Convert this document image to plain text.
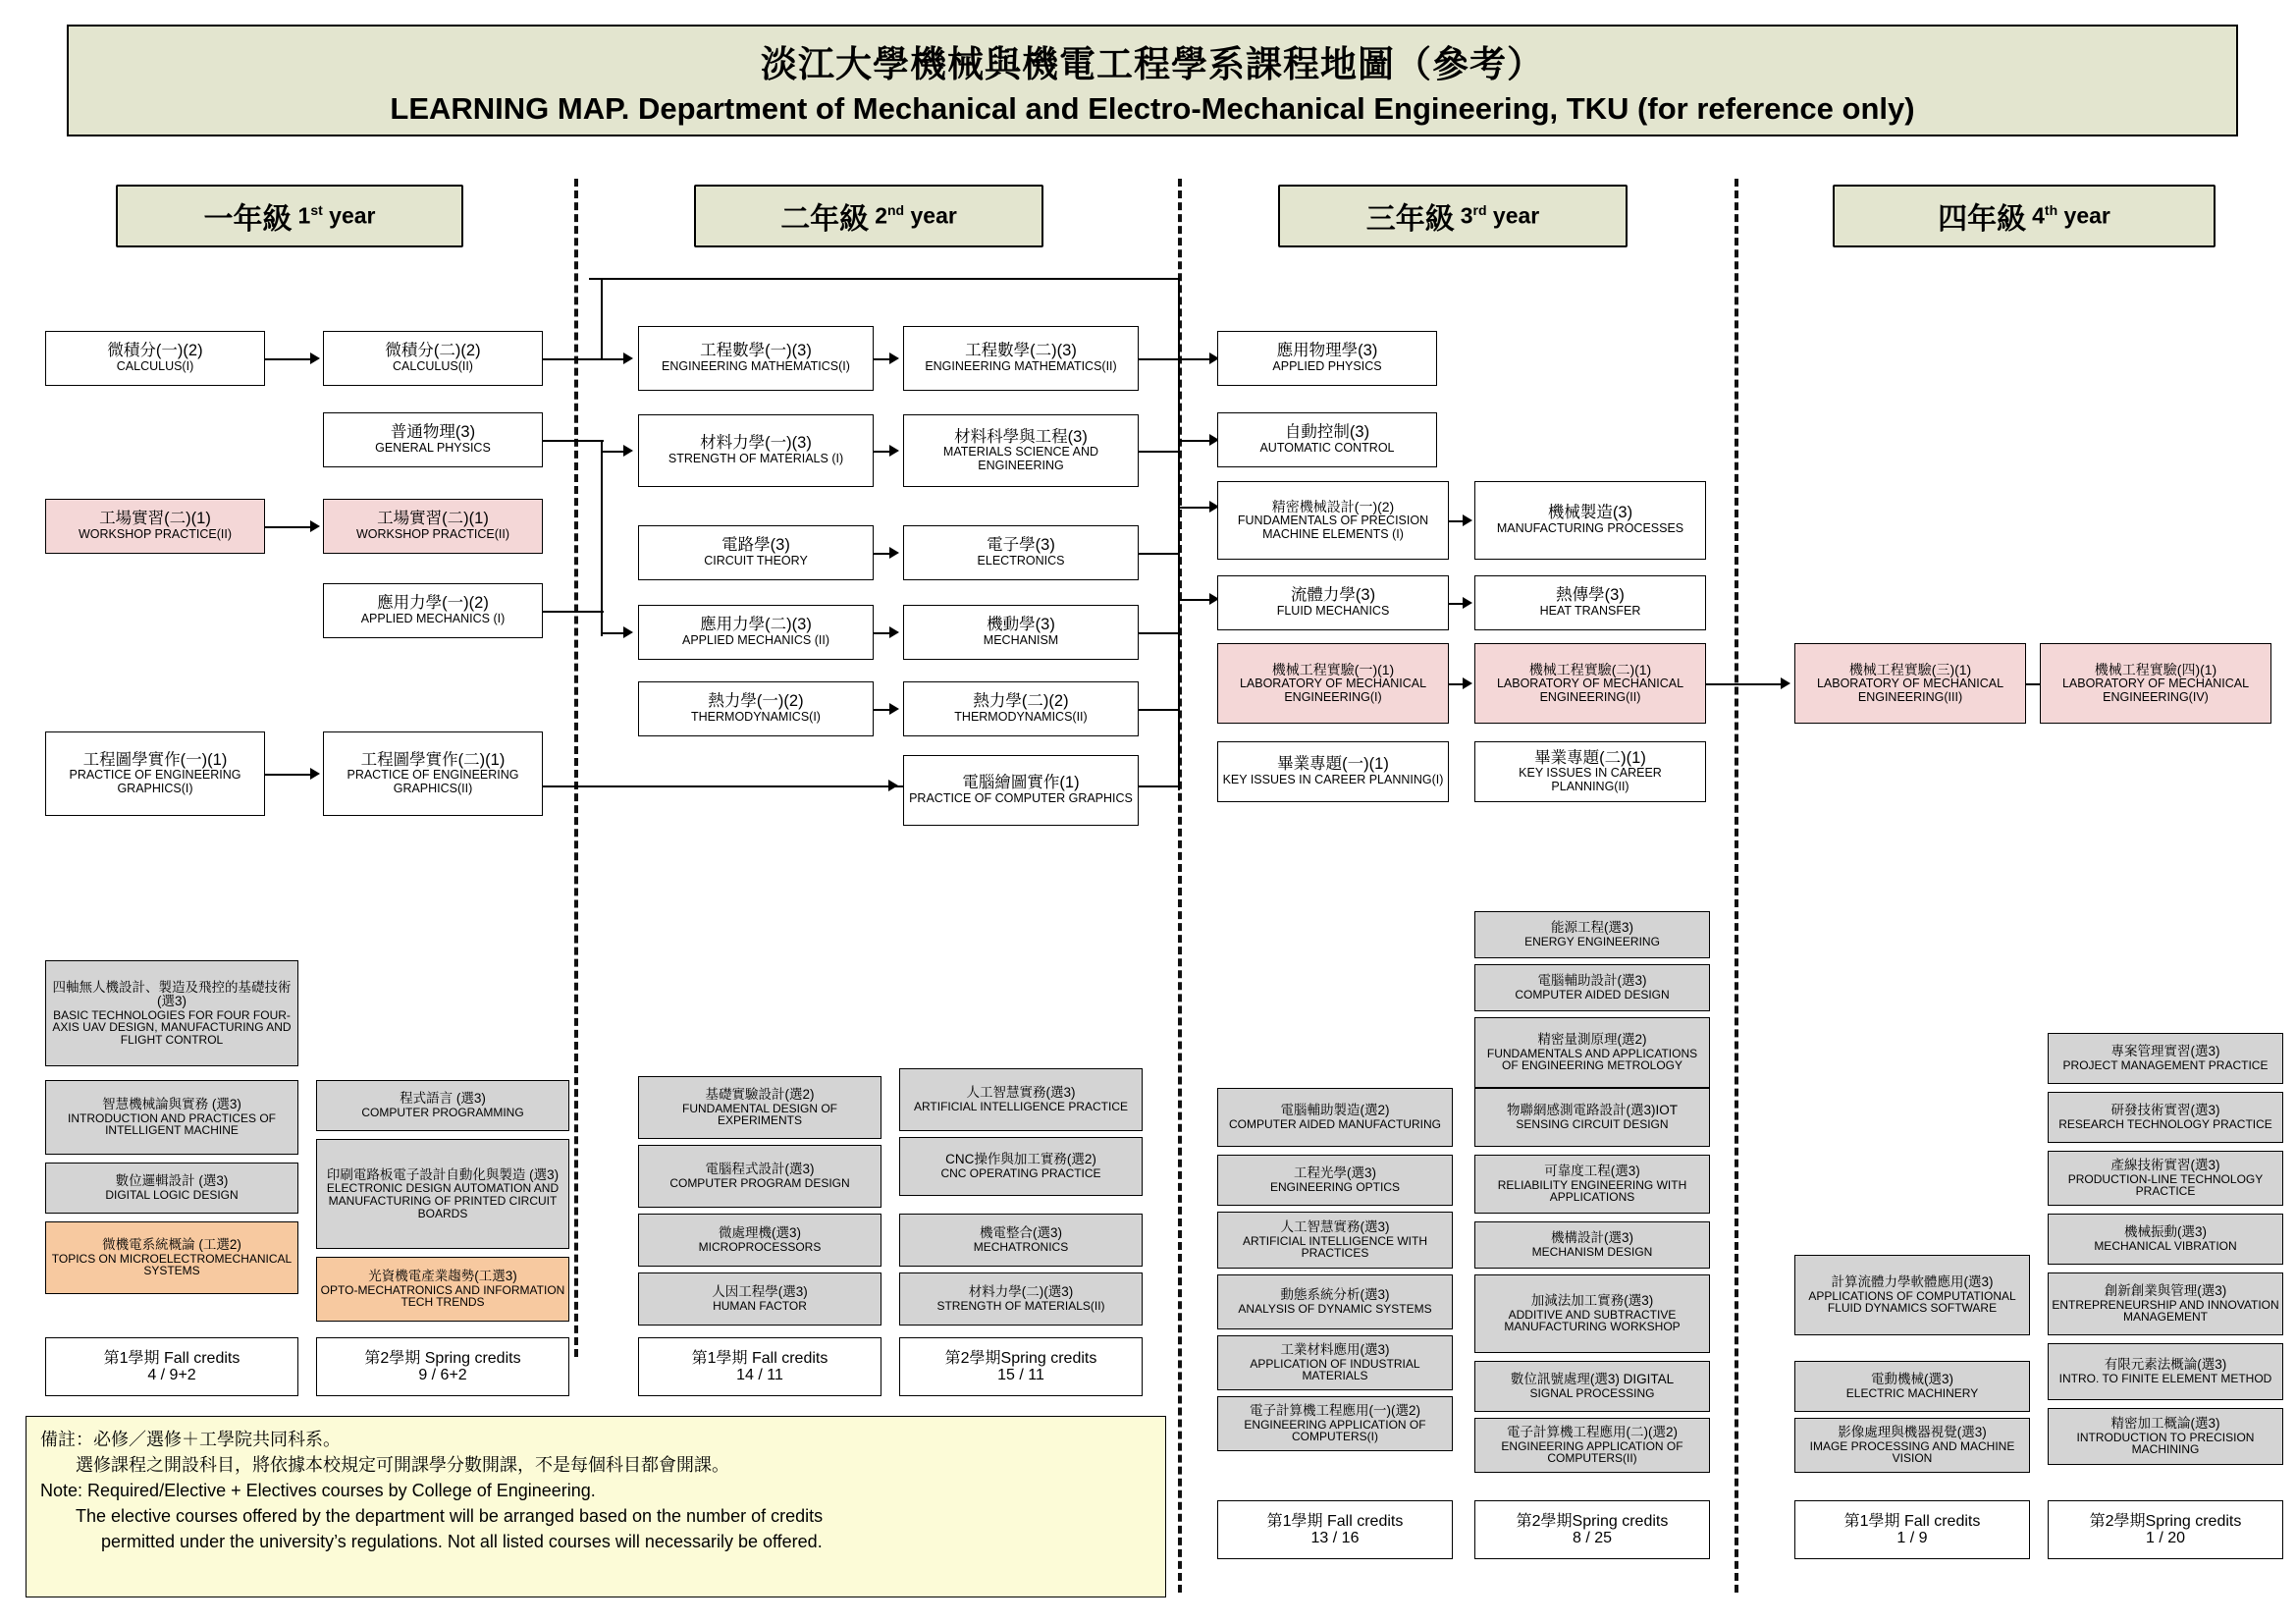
淡江大學機械與機電工程學系課程地圖（參考）
LEARNING MAP. Department of Mechanical and Electro-Mechanical Engineering, TKU (for reference only)
一年級 1st year	二年級 2nd year	三年級 3rd year	四年級 4th year
微積分(一)(2)
CALCULUS(I)
微積分(二)(2)
CALCULUS(II)
普通物理(3)
GENERAL PHYSICS
工場實習(二)(1)
WORKSHOP PRACTICE(II)
工場實習(二)(1)
WORKSHOP PRACTICE(II)
應用力學(一)(2)
APPLIED MECHANICS (I)
工程圖學實作(一)(1)
PRACTICE OF ENGINEERING GRAPHICS(I)
工程圖學實作(二)(1)
PRACTICE OF ENGINEERING GRAPHICS(II)
工程數學(一)(3)
ENGINEERING MATHEMATICS(I)
工程數學(二)(3)
ENGINEERING MATHEMATICS(II)
材料力學(一)(3)
STRENGTH OF MATERIALS (I)
材料科學與工程(3)
MATERIALS SCIENCE AND ENGINEERING
電路學(3)
CIRCUIT THEORY
電子學(3)
ELECTRONICS
應用力學(二)(3)
APPLIED MECHANICS (II)
機動學(3)
MECHANISM
熱力學(一)(2)
THERMODYNAMICS(I)
熱力學(二)(2)
THERMODYNAMICS(II)
電腦繪圖實作(1)
PRACTICE OF COMPUTER GRAPHICS
應用物理學(3)
APPLIED PHYSICS
自動控制(3)
AUTOMATIC CONTROL
精密機械設計(一)(2)
FUNDAMENTALS OF PRECISION MACHINE ELEMENTS (I)
機械製造(3)
MANUFACTURING PROCESSES
流體力學(3)
FLUID MECHANICS
熱傳學(3)
HEAT TRANSFER
機械工程實驗(一)(1)
LABORATORY OF MECHANICAL ENGINEERING(I)
機械工程實驗(二)(1)
LABORATORY OF MECHANICAL ENGINEERING(II)
畢業專題(一)(1)
KEY ISSUES IN CAREER PLANNING(I)
畢業專題(二)(1)
KEY ISSUES IN CAREER PLANNING(II)
機械工程實驗(三)(1)
LABORATORY OF MECHANICAL ENGINEERING(III)
機械工程實驗(四)(1)
LABORATORY OF MECHANICAL ENGINEERING(IV)
四軸無人機設計、製造及飛控的基礎技術 (選3)
BASIC TECHNOLOGIES FOR FOUR FOUR-AXIS UAV DESIGN, MANUFACTURING AND FLIGHT CONTROL
智慧機械論與實務 (選3)
INTRODUCTION AND PRACTICES OF INTELLIGENT MACHINE
數位邏輯設計 (選3)
DIGITAL LOGIC DESIGN
微機電系統概論 (工選2)
TOPICS ON MICROELECTROMECHANICAL SYSTEMS
第1學期 Fall credits
4 / 9+2
程式語言 (選3)
COMPUTER PROGRAMMING
印刷電路板電子設計自動化與製造 (選3)
ELECTRONIC DESIGN AUTOMATION AND MANUFACTURING OF PRINTED CIRCUIT BOARDS
光資機電產業趨勢(工選3)
OPTO-MECHATRONICS AND INFORMATION TECH TRENDS
第2學期 Spring credits
9 / 6+2
基礎實驗設計(選2)
FUNDAMENTAL DESIGN OF EXPERIMENTS
電腦程式設計(選3)
COMPUTER PROGRAM DESIGN
微處理機(選3)
MICROPROCESSORS
人因工程學(選3)
HUMAN FACTOR
第1學期 Fall credits
14 / 11
人工智慧實務(選3)
ARTIFICIAL INTELLIGENCE PRACTICE
CNC操作與加工實務(選2)
CNC OPERATING PRACTICE
機電整合(選3)
MECHATRONICS
材料力學(二)(選3)
STRENGTH OF MATERIALS(II)
第2學期Spring credits
15 / 11
能源工程(選3)
ENERGY ENGINEERING
電腦輔助設計(選3)
COMPUTER AIDED DESIGN
精密量測原理(選2)
FUNDAMENTALS AND APPLICATIONS OF ENGINEERING METROLOGY
電腦輔助製造(選2)
COMPUTER AIDED MANUFACTURING
工程光學(選3)
ENGINEERING OPTICS
人工智慧實務(選3)
ARTIFICIAL INTELLIGENCE WITH PRACTICES
動態系統分析(選3)
ANALYSIS OF DYNAMIC SYSTEMS
工業材料應用(選3)
APPLICATION OF INDUSTRIAL MATERIALS
電子計算機工程應用(一)(選2)
ENGINEERING APPLICATION OF COMPUTERS(I)
第1學期 Fall credits
13 / 16
物聯網感測電路設計(選3)IOT
SENSING CIRCUIT DESIGN
可靠度工程(選3)
RELIABILITY ENGINEERING WITH APPLICATIONS
機構設計(選3)
MECHANISM DESIGN
加減法加工實務(選3)
ADDITIVE AND SUBTRACTIVE MANUFACTURING WORKSHOP
數位訊號處理(選3) DIGITAL
SIGNAL PROCESSING
電子計算機工程應用(二)(選2)
ENGINEERING APPLICATION OF COMPUTERS(II)
第2學期Spring credits
8 / 25
計算流體力學軟體應用(選3)
APPLICATIONS OF COMPUTATIONAL FLUID DYNAMICS SOFTWARE
電動機械(選3)
ELECTRIC MACHINERY
影像處理與機器視覺(選3)
IMAGE PROCESSING AND MACHINE VISION
第1學期 Fall credits
1 / 9
專案管理實習(選3)
PROJECT MANAGEMENT PRACTICE
研發技術實習(選3)
RESEARCH TECHNOLOGY PRACTICE
產線技術實習(選3)
PRODUCTION-LINE TECHNOLOGY PRACTICE
機械振動(選3)
MECHANICAL VIBRATION
創新創業與管理(選3)
ENTREPRENEURSHIP AND INNOVATION MANAGEMENT
有限元素法概論(選3)
INTRO. TO FINITE ELEMENT METHOD
精密加工概論(選3)
INTRODUCTION TO PRECISION MACHINING
第2學期Spring credits
1 / 20
備註：必修／選修＋工學院共同科系。
選修課程之開設科目，將依據本校規定可開課學分數開課，不是每個科目都會開課。
Note: Required/Elective + Electives courses by College of Engineering.
The elective courses offered by the department will be arranged based on the number of credits
permitted under the university’s regulations. Not all listed courses will necessarily be offered.
